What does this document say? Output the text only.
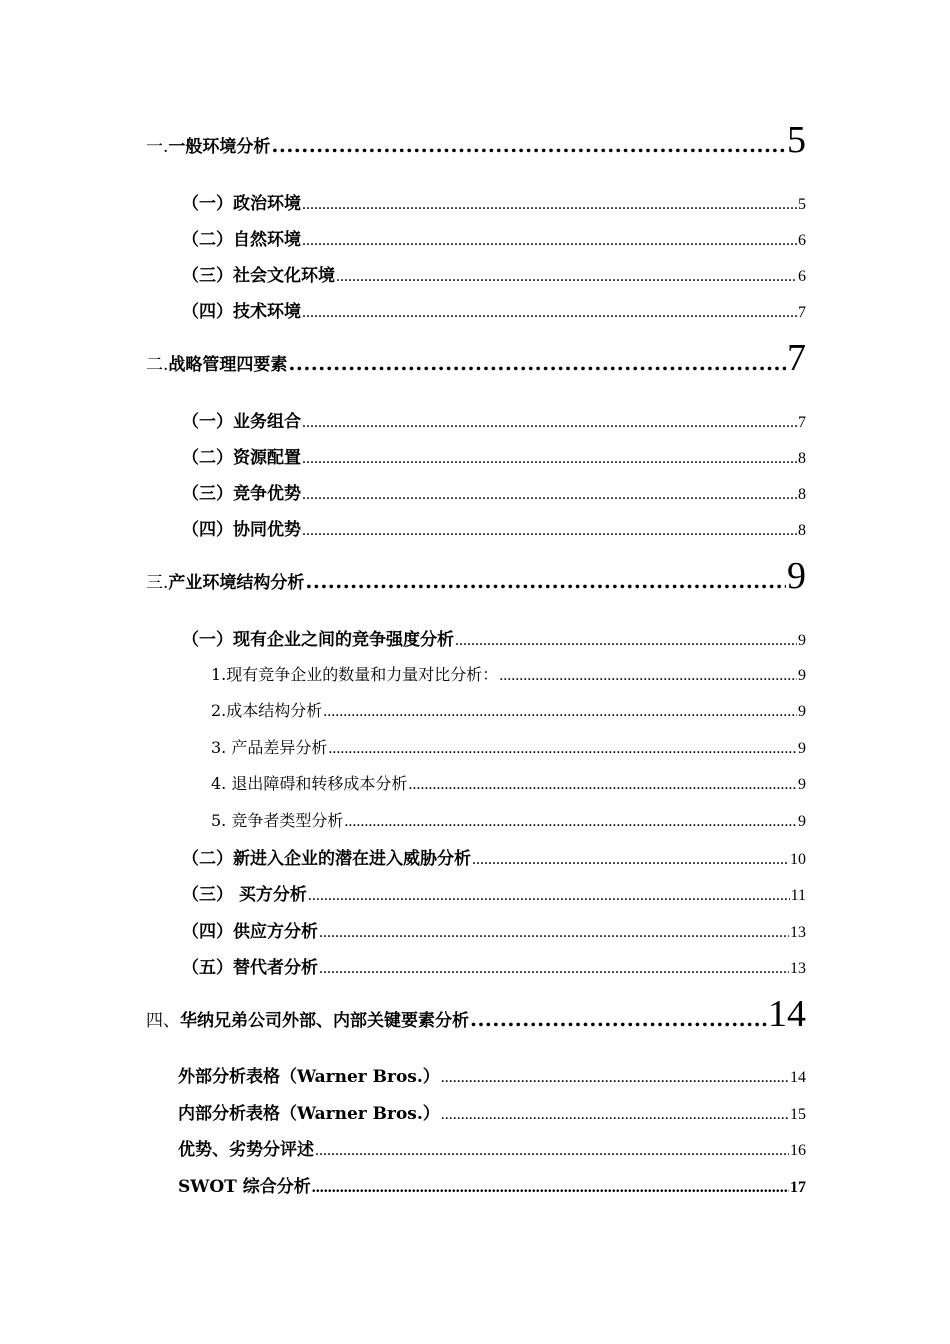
一. 一般环境分析 .....	5
（一） 政治环境 .....	5
（二） 自然环境 .....	6
（三） 社会文化环境 .....	6
（四） 技术环境 .....	7
二. 战略管理四要素 .....	7
（一） 业务组合 .....	7
（二） 资源配置 .....	8
（三） 竞争优势 .....	8
（四） 协同优势 .....	8
三. 产业环境结构分析 .....	9
（一） 现有企业之间的竞争强度分析 .....	9
1.现有竞争企业的数量和力量对比分析： .....	9
2.成本结构分析 .....	9
3. 产品差异分析 .....	9
4. 退出障碍和转移成本分析 .....	9
5. 竞争者类型分析 .....	9
（二） 新进入企业的潜在进入威胁分析 .....	10
（三） 买方分析 .....	11
（四） 供应方分析 .....	13
（五） 替代者分析 .....	13
四、 华纳兄弟公司外部、内部关键要素分析 .....	14
外部分析表格（Warner Bros.） .....	14
内部分析表格（Warner Bros.） .....	15
优势、劣势分评述 .....	16
SWOT 综合分析 .....	17
